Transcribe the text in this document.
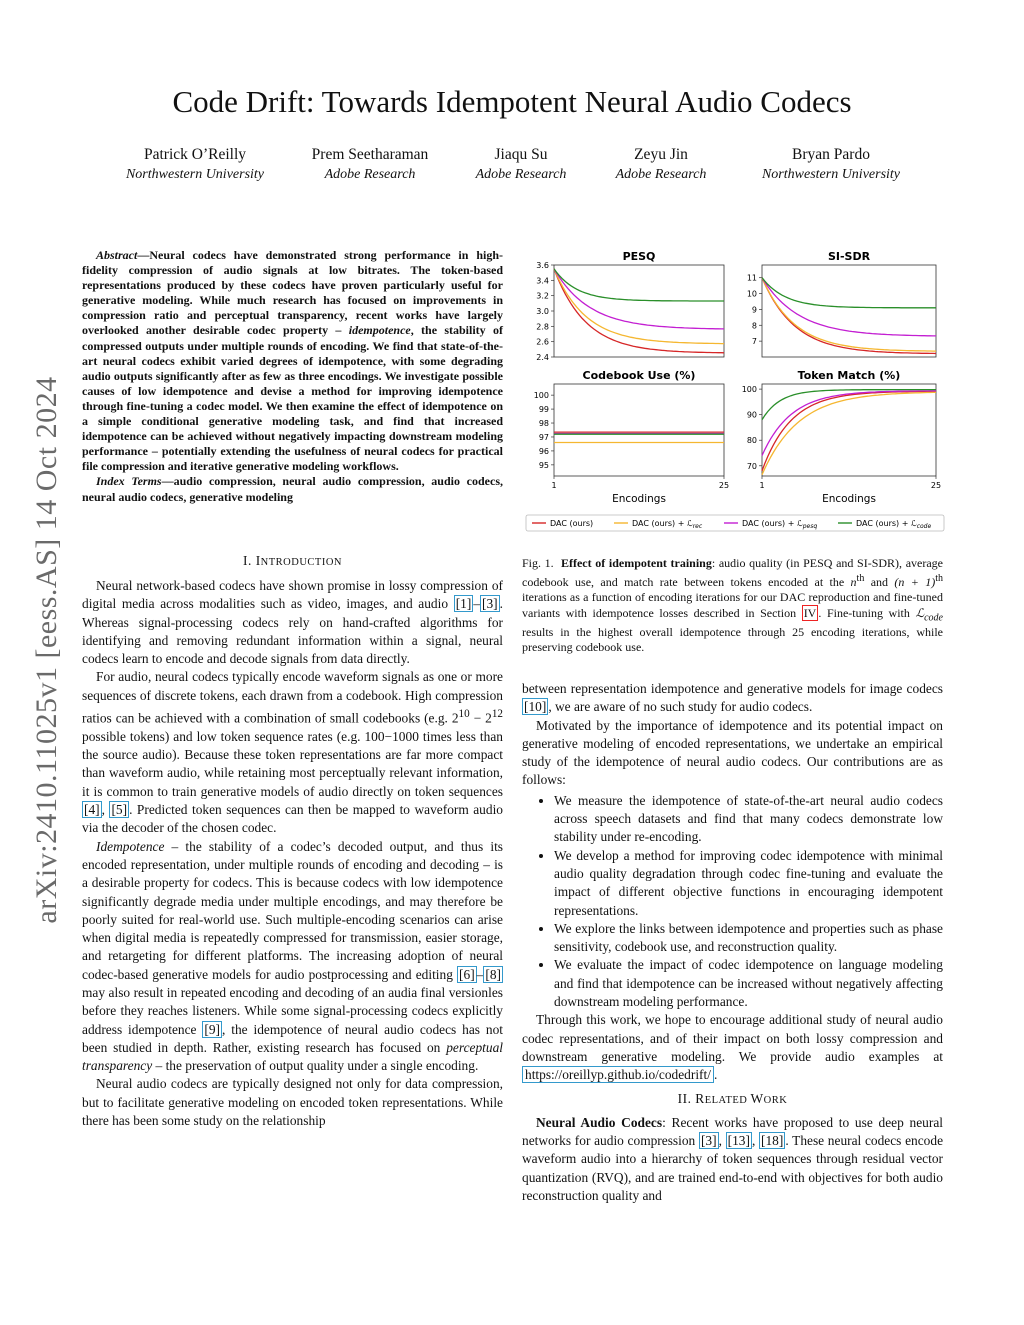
Code Drift: Towards Idempotent Neural Audio Codecs
Patrick O’Reilly
Northwestern University
Prem Seetharaman
Adobe Research
Jiaqu Su
Adobe Research
Zeyu Jin
Adobe Research
Bryan Pardo
Northwestern University
arXiv:2410.11025v1 [eess.AS] 14 Oct 2024

Abstract—Neural codecs have demonstrated strong performance in high-fidelity compression of audio signals at low bitrates. The token-based representations produced by these codecs have proven particularly useful for generative modeling. While much research has focused on improvements in compression ratio and perceptual transparency, recent works have largely overlooked another desirable codec property – idempotence, the stability of compressed outputs under multiple rounds of encoding. We find that state-of-the-art neural codecs exhibit varied degrees of idempotence, with some degrading audio outputs significantly after as few as three encodings. We investigate possible causes of low idempotence and devise a method for improving idempotence through fine-tuning a codec model. We then examine the effect of idempotence on a simple conditional generative modeling task, and find that increased idempotence can be achieved without negatively impacting downstream modeling performance – potentially extending the usefulness of neural codecs for practical file compression and iterative generative modeling workflows.

Index Terms—audio compression, neural audio compression, audio codecs, neural audio codecs, generative modeling

I. INTRODUCTION

Neural network-based codecs have shown promise in lossy compression of digital media across modalities such as video, images, and audio [1] – [3] . Whereas signal-processing codecs rely on hand-crafted algorithms for identifying and removing redundant information within a signal, neural codecs learn to encode and decode signals from data directly.

For audio, neural codecs typically encode waveform signals as one or more sequences of discrete tokens, each drawn from a codebook. High compression ratios can be achieved with a combination of small codebooks (e.g. $2^{10} - 2^{12}$ possible tokens) and low token sequence rates (e.g. 100−1000 times less than the source audio). Because these token representations are far more compact than waveform audio, while retaining most perceptually relevant information, it is common to train generative models of audio directly on token sequences [4] , [5] . Predicted token sequences can then be mapped to waveform audio via the decoder of the chosen codec.

Idempotence – the stability of a codec’s decoded output, and thus its encoded representation, under multiple rounds of encoding and decoding – is a desirable property for codecs. This is because codecs with low idempotence significantly degrade media under multiple encodings, and may therefore be poorly suited for real-world use. Such multiple-encoding scenarios can arise when digital media is repeatedly compressed for transmission, easier storage, and retargeting for different platforms. The increasing adoption of neural codec-based generative models for audio postprocessing and editing [6] – [8] may also result in repeated encoding and decoding of an audia final versionles before they reaches listeners. While some signal-processing codecs explicitly address idempotence [9] , the idempotence of neural audio codecs has not been studied in depth. Rather, existing research has focused on perceptual transparency – the preservation of output quality under a single encoding.

Neural audio codecs are typically designed not only for data compression, but to facilitate generative modeling on encoded token representations. While there has been some study on the relationship

PESQ
2.4
2.6
2.8
3.0
3.2
3.4
3.6
SI-SDR
7
8
9
10
11
Codebook Use (%)
95
96
97
98
99
100
1	25
Encodings
Token Match (%)
70
80
90
100
1	25
Encodings
DAC (ours)	DAC (ours) + ℒ$_{rec}$	DAC (ours) + ℒ$_{pesq}$	DAC (ours) + ℒ$_{code}$
Fig. 1. Effect of idempotent training: audio quality (in PESQ and SI-SDR), average codebook use, and match rate between tokens encoded at the $n^{th}$ and $(n + 1)^{th}$ iterations as a function of encoding iterations for our DAC reproduction and fine-tuned variants with idempotence losses described in Section IV . Fine-tuning with ℒ$_{code}$ results in the highest overall idempotence through 25 encoding iterations, while preserving codebook use.

between representation idempotence and generative models for image codecs [10] , we are aware of no such study for audio codecs.

Motivated by the importance of idempotence and its potential impact on generative modeling of encoded representations, we undertake an empirical study of the idempotence of neural audio codecs. Our contributions are as follows:

• We measure the idempotence of state-of-the-art neural audio codecs across speech datasets and find that many codecs demonstrate low stability under re-encoding.
• We develop a method for improving codec idempotence with minimal audio quality degradation through codec fine-tuning and evaluate the impact of different objective functions in encouraging idempotent representations.
• We explore the links between idempotence and properties such as phase sensitivity, codebook use, and reconstruction quality.
• We evaluate the impact of codec idempotence on language modeling and find that idempotence can be increased without negatively affecting downstream modeling performance.

Through this work, we hope to encourage additional study of neural audio codec representations, and of their impact on both lossy compression and downstream generative modeling. We provide audio examples at https://oreillyp.github.io/codedrift/ .

II. RELATED WORK

Neural Audio Codecs: Recent works have proposed to use deep neural networks for audio compression [3] , [13] , [18] . These neural codecs encode waveform audio into a hierarchy of token sequences through residual vector quantization (RVQ), and are trained end-to-end with objectives for both audio reconstruction quality and
